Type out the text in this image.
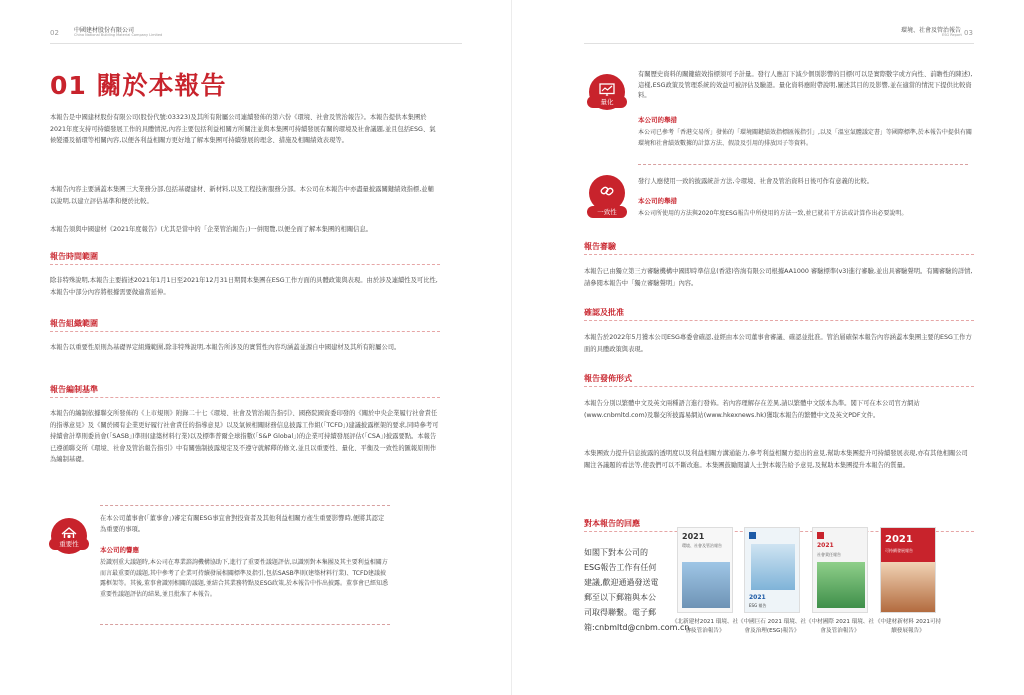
02	中國建材股份有限公司
China National Building Material Company Limited
01 關於本報告
本報告是中國建材股份有限公司(股份代號:03323)及其所有附屬公司連續發佈的第六份《環境、社會及管治報告》。本報告提供本集團於2021年度支持可持續發展工作的具體情況,內容主要包括利益相關方所關注並與本集團可持續發展有關的環境及社會議題,並且包括ESG、氣候變遷及循環等相關內容,以便各利益相關方更好地了解本集團可持續發展的理念、措施及相關績效表現等。
本報告內容主要涵蓋本集團三大業務分部,包括基礎建材、新材料,以及工程技術服務分部。本公司在本報告中亦盡量披露關鍵績效指標,並輔以說明,以建立評估基準和便於比較。
本報告須與中國建材《2021年度報告》(尤其是當中的「企業管治報告」)一併閱覽,以便全面了解本集團的相關信息。
報告時間範圍
除非特殊說明,本報告主要描述2021年1月1日至2021年12月31日期間本集團在ESG工作方面的具體政策與表現。由於涉及連續性及可比性,本報告中部分內容將根據需要做適當延伸。
報告組織範圍
本報告以重要性原則為基礎界定組織範圍,除非特殊說明,本報告所涉及的實質性內容均涵蓋並源自中國建材及其所有附屬公司。
報告編制基準
本報告的編制依據聯交所發佈的《上市規則》附錄二十七《環境、社會及管治報告指引》、國務院國資委印發的《關於中央企業履行社會責任的指導意見》及《關於國有企業更好履行社會責任的指導意見》以及氣候相關財務信息披露工作組(「TCFD」)建議披露框架的要求,同時參考可持續會計準則委員會(「SASB」)準則(建築材料行業)以及標準普爾全球指數(「S&P Global」)的企業可持續發展評估(「CSA」)披露要點。本報告已遵循聯交所《環境、社會及管治報告指引》中有關強制披露規定及不遵守就解釋的條文,並且以重要性、量化、平衡及一致性的匯報原則作為編制基礎。
重要性
在本公司董事會(「董事會」)審定有關ESG事宜會對投資者及其他利益相關方產生重要影響時,便將其認定為重要的事項。
本公司的響應
於識別重大議題時,本公司在專業諮詢機構協助下,進行了重要性議題評估,以識別對本集團及其主要利益相關方而言最重要的議題,其中參考了企業可持續發展相關標準及指引,包括SASB準則(建築材料行業)、TCFD建議披露框架等。其後,董事會識別相關的議題,並結合其業務特點及ESG政策,於本報告中作出披露。董事會已經知悉重要性議題評估的結果,並且批准了本報告。
環境、社會及管治報告
ESG Report 03
量化
有關歷史資料的關鍵績效指標須可予計量。發行人應訂下減少個別影響的目標(可以是實際數字或方向性、前瞻性的陳述),這樣,ESG政策及管理系統的效益可被評估及驗證。量化資料應附帶說明,闡述其目的及影響,並在適當的情況下提供比較資料。
本公司的舉措
本公司已參考「香港交易所」發佈的「環境關鍵績效指標匯報指引」,以及「溫室氣體議定書」等國際標準,於本報告中提供有關環境和社會績效數據的計算方法、假設及引用的排放因子等資料。
一致性
發行人應使用一致的披露統計方法,令環境、社會及管治資料日後可作有意義的比較。
本公司的舉措
本公司所使用的方法與2020年度ESG報告中所使用的方法一致,並已就若干方法或計算作出必要說明。
報告審驗
本報告已由獨立第三方審驗機構中國即時準信息(香港)咨詢有限公司根據AA1000 審驗標準(v3)進行審驗,並出具審驗聲明。有關審驗的詳情,請參閱本報告中「獨立審驗聲明」內容。
確認及批准
本報告於2022年5月獲本公司ESG專委會確認,並經由本公司董事會審議、確認並批准。管治層確保本報告內容涵蓋本集團主要的ESG工作方面的具體政策與表現。
報告發佈形式
本報告分別以繁體中文及英文兩種語言進行發佈。若內容理解存在差異,請以繁體中文版本為準。閣下可在本公司官方網站(www.cnbmltd.com)及聯交所披露易網站(www.hkexnews.hk)獲取本報告的繁體中文及英文PDF文件。
本集團致力提升信息披露的透明度以及利益相關方溝通能力,參考利益相關方提出的意見,幫助本集團提升可持續發展表現,亦有其他相關公司關注各議題的看法等,使我們可以不斷改進。本集團鼓勵閱讀人士對本報告給予意見,及幫助本集團提升本報告的質量。
對本報告的回應
如閣下對本公司的ESG報告工作有任何建議,歡迎通過發送電郵至以下郵箱與本公司取得聯繫。電子郵箱:cnbmltd@cnbm.com.cn。
2021
環境、社會及管治報告
2021
ESG 報告
2021
社會責任報告
2021
可持續發展報告
《北新建材2021 環境、社會及管治報告》
《中國巨石 2021 環境、社會及治理(ESG)報告》
《中材國際 2021 環境、社會及管治報告》
《中建材新材料 2021可持續發展報告》
